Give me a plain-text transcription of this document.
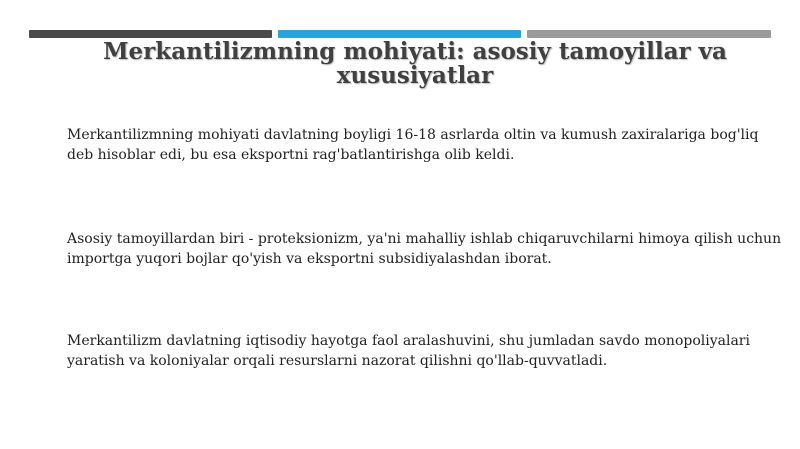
Merkantilizmning mohiyati: asosiy tamoyillar va xususiyatlar

Merkantilizmning mohiyati davlatning boyligi 16-18 asrlarda oltin va kumush zaxiralariga bog'liq deb hisoblar edi, bu esa eksportni rag'batlantirishga olib keldi.

Asosiy tamoyillardan biri - proteksionizm, ya'ni mahalliy ishlab chiqaruvchilarni himoya qilish uchun importga yuqori bojlar qo'yish va eksportni subsidiyalashdan iborat.

Merkantilizm davlatning iqtisodiy hayotga faol aralashuvini, shu jumladan savdo monopoliyalari yaratish va koloniyalar orqali resurslarni nazorat qilishni qo'llab-quvvatladi.
